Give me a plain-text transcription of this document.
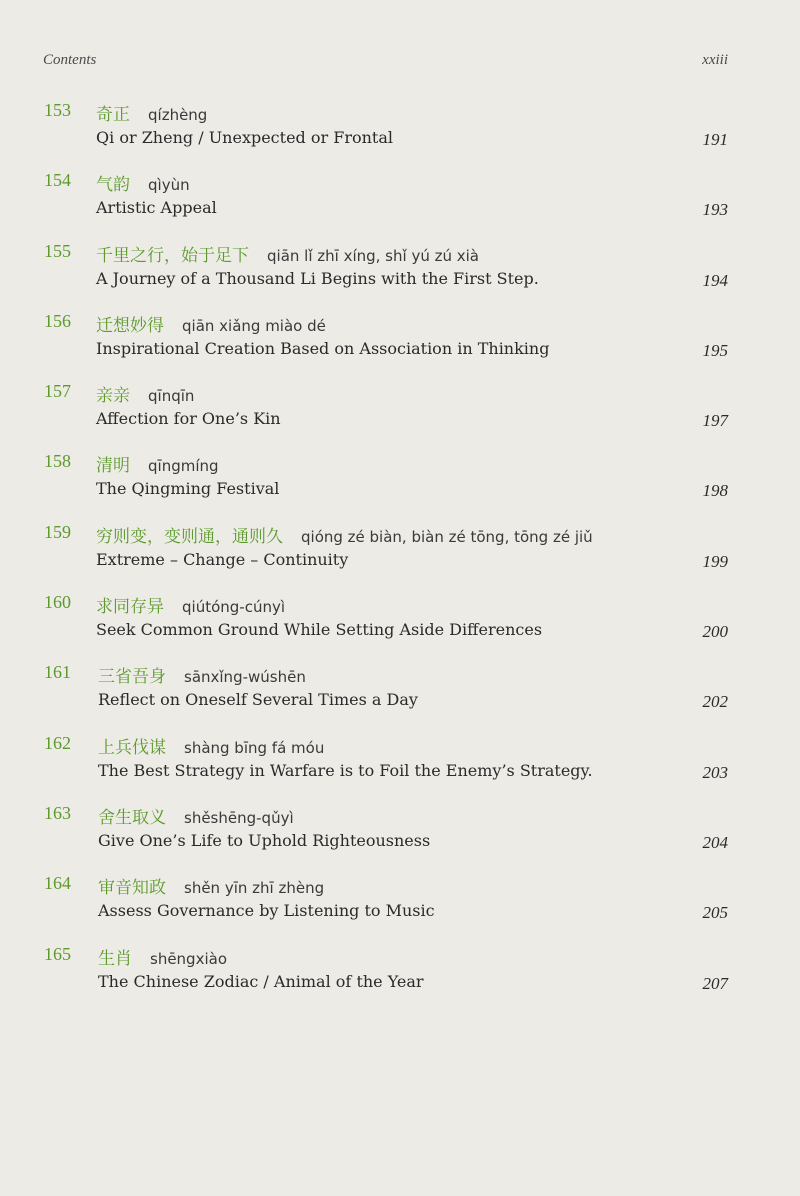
Contents	xxiii
153 奇正 qízhèng
Qi or Zheng / Unexpected or Frontal	191
154 气韵 qìyùn
Artistic Appeal	193
155 千里之行，始于足下 qiān lǐ zhī xíng, shǐ yú zú xià
A Journey of a Thousand Li Begins with the First Step.	194
156 迁想妙得 qiān xiǎng miào dé
Inspirational Creation Based on Association in Thinking	195
157 亲亲 qīnqīn
Affection for One’s Kin	197
158 清明 qīngmíng
The Qingming Festival	198
159 穷则变，变则通，通则久 qióng zé biàn, biàn zé tōng, tōng zé jiǔ
Extreme – Change – Continuity	199
160 求同存异 qiútóng-cúnyì
Seek Common Ground While Setting Aside Differences	200
161 三省吾身 sānxǐng-wúshēn
Reflect on Oneself Several Times a Day	202
162 上兵伐谋 shàng bīng fá móu
The Best Strategy in Warfare is to Foil the Enemy’s Strategy.	203
163 舍生取义 shěshēng-qǔyì
Give One’s Life to Uphold Righteousness	204
164 审音知政 shěn yīn zhī zhèng
Assess Governance by Listening to Music	205
165 生肖 shēngxiào
The Chinese Zodiac / Animal of the Year	207
